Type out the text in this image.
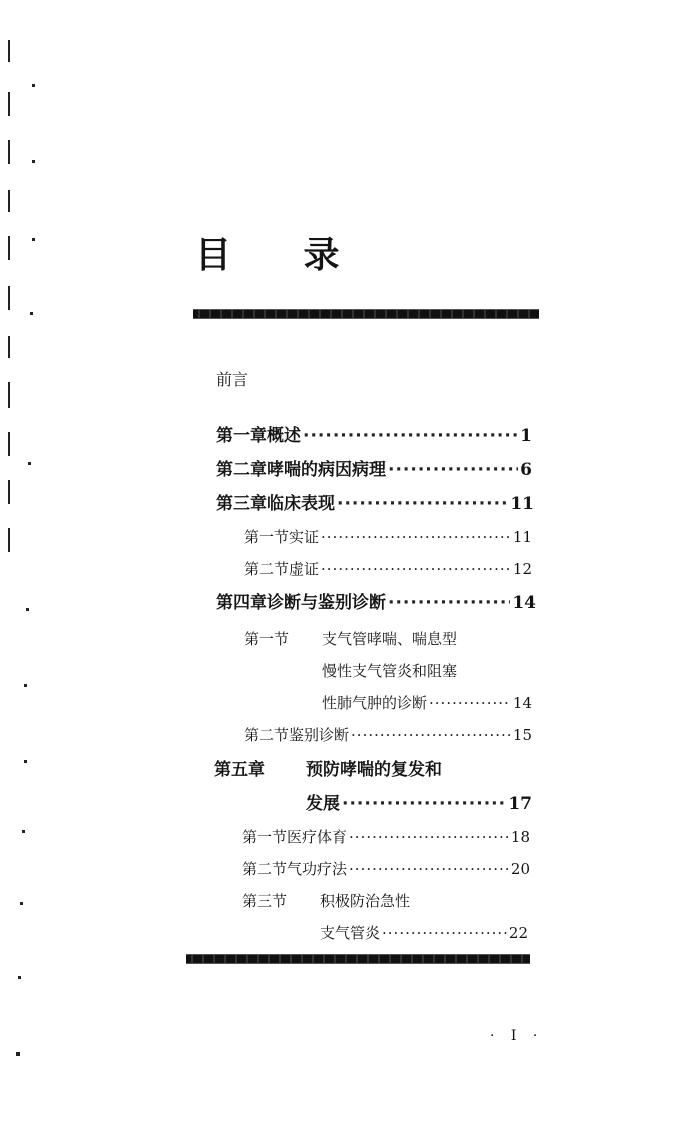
目 录
前言
第一章 概述 ·····	1
第二章 哮喘的病因病理 ·····	6
第三章 临床表现 ·····	11
第一节 实证 ·····	11
第二节 虚证 ·····	12
第四章 诊断与鉴别诊断 ·····	14
第一节	支气管哮喘、喘息型
慢性支气管炎和阻塞
性肺气肿的诊断 ·····	14
第二节 鉴别诊断 ·····	15
第五章	预防哮喘的复发和
发展 ·····	17
第一节 医疗体育 ·····	18
第二节 气功疗法 ·····	20
第三节	积极防治急性
支气管炎 ·····	22
· I ·
